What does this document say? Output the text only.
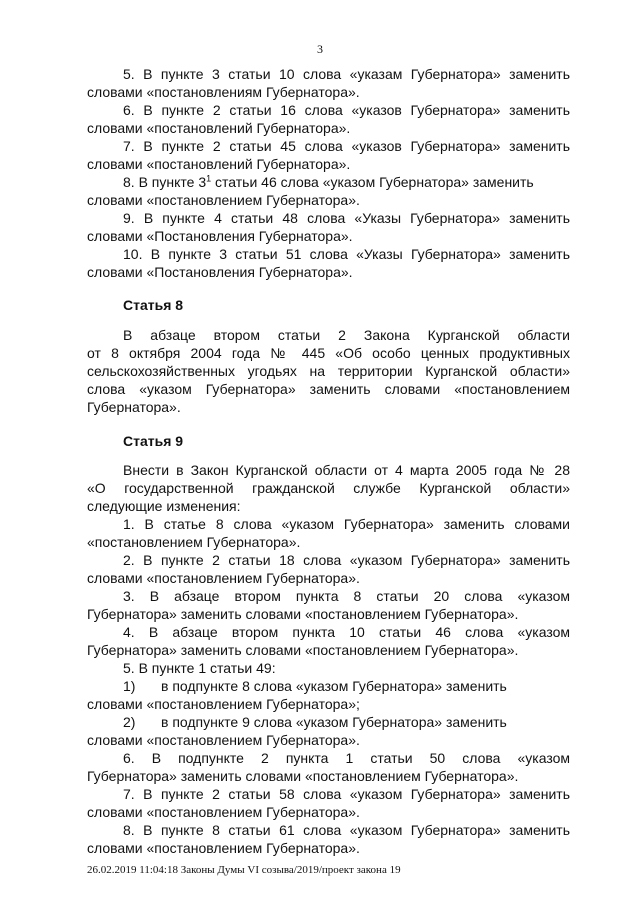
3
5. В пункте 3 статьи 10 слова «указам Губернатора» заменить
словами «постановлениям Губернатора».
6. В пункте 2 статьи 16 слова «указов Губернатора» заменить
словами «постановлений Губернатора».
7. В пункте 2 статьи 45 слова «указов Губернатора» заменить
словами «постановлений Губернатора».
8. В пункте $3^1$ статьи 46 слова «указом Губернатора» заменить
словами «постановлением Губернатора».
9. В пункте 4 статьи 48 слова «Указы Губернатора» заменить
словами «Постановления Губернатора».
10. В пункте 3 статьи 51 слова «Указы Губернатора» заменить
словами «Постановления Губернатора».
Статья 8
В абзаце втором статьи 2 Закона Курганской области
от 8 октября 2004 года № 445 «Об особо ценных продуктивных
сельскохозяйственных угодьях на территории Курганской области»
слова «указом Губернатора» заменить словами «постановлением
Губернатора».
Статья 9
Внести в Закон Курганской области от 4 марта 2005 года № 28
«О государственной гражданской службе Курганской области»
следующие изменения:
1. В статье 8 слова «указом Губернатора» заменить словами
«постановлением Губернатора».
2. В пункте 2 статьи 18 слова «указом Губернатора» заменить
словами «постановлением Губернатора».
3. В абзаце втором пункта 8 статьи 20 слова «указом
Губернатора» заменить словами «постановлением Губернатора».
4. В абзаце втором пункта 10 статьи 46 слова «указом
Губернатора» заменить словами «постановлением Губернатора».
5. В пункте 1 статьи 49:
1) в подпункте 8 слова «указом Губернатора» заменить
словами «постановлением Губернатора»;
2) в подпункте 9 слова «указом Губернатора» заменить
словами «постановлением Губернатора».
6. В подпункте 2 пункта 1 статьи 50 слова «указом
Губернатора» заменить словами «постановлением Губернатора».
7. В пункте 2 статьи 58 слова «указом Губернатора» заменить
словами «постановлением Губернатора».
8. В пункте 8 статьи 61 слова «указом Губернатора» заменить
словами «постановлением Губернатора».
26.02.2019 11:04:18 Законы Думы VI созыва/2019/проект закона 19
